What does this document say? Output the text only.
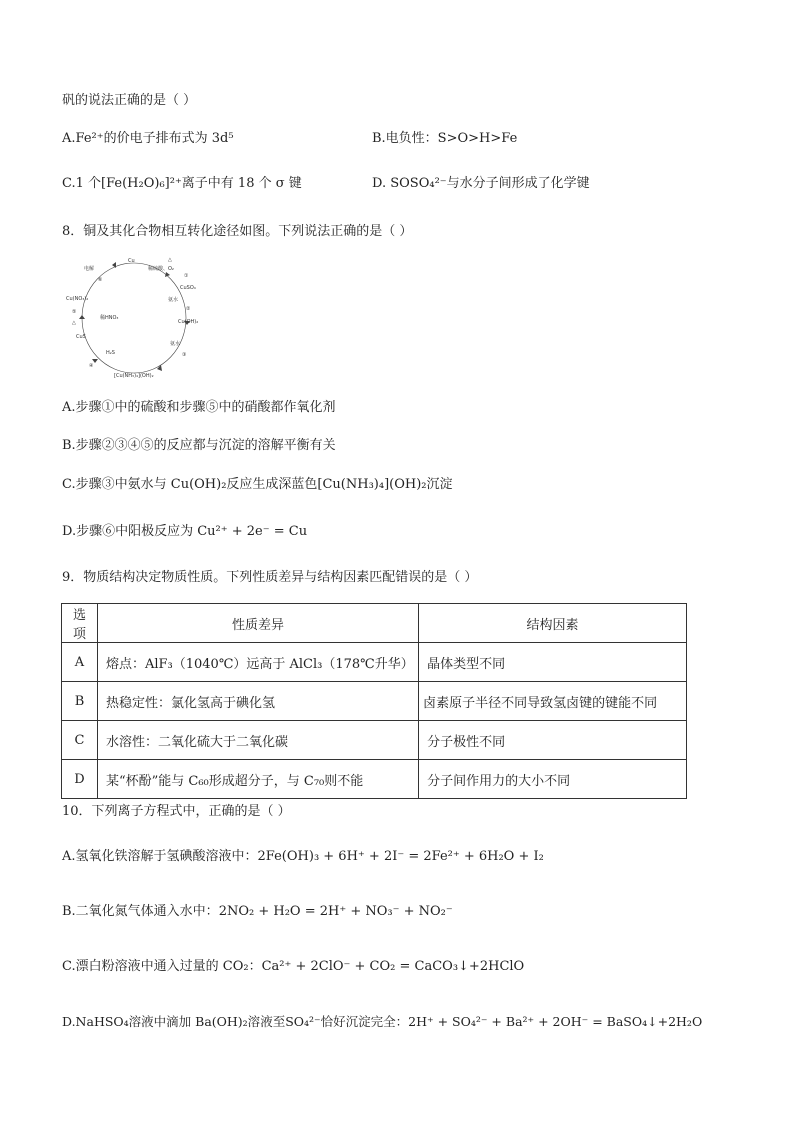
矾的说法正确的是（ ）
A.Fe²⁺的价电子排布式为 3d⁵	B.电负性：S>O>H>Fe
C.1 个[Fe(H₂O)₆]²⁺离子中有 18 个 σ 键	D. SOSO₄²⁻与水分子间形成了化学键
8．铜及其化合物相互转化途径如图。下列说法正确的是（ ）
Cu	△
稀硫酸、O₂
①
CuSO₄
氨水
②
Cu(OH)₂
氨水
③
[Cu(NH₃)₄](OH)₂
④
H₂S
CuS
⑤
△
稀HNO₃
Cu(NO₃)₂
⑥
电解
A.步骤①中的硫酸和步骤⑤中的硝酸都作氧化剂
B.步骤②③④⑤的反应都与沉淀的溶解平衡有关
C.步骤③中氨水与 Cu(OH)₂反应生成深蓝色[Cu(NH₃)₄](OH)₂沉淀
D.步骤⑥中阳极反应为 Cu²⁺ + 2e⁻ = Cu
9．物质结构决定物质性质。下列性质差异与结构因素匹配错误的是（ ）
选项	性质差异	结构因素
A	熔点：AlF₃（1040℃）远高于 AlCl₃（178℃升华）	晶体类型不同
B	热稳定性：氯化氢高于碘化氢	卤素原子半径不同导致氢卤键的键能不同
C	水溶性：二氧化硫大于二氧化碳	分子极性不同
D	某“杯酚”能与 C₆₀形成超分子，与 C₇₀则不能	分子间作用力的大小不同
10．下列离子方程式中，正确的是（ ）
A.氢氧化铁溶解于氢碘酸溶液中：2Fe(OH)₃ + 6H⁺ + 2I⁻ = 2Fe²⁺ + 6H₂O + I₂
B.二氧化氮气体通入水中：2NO₂ + H₂O = 2H⁺ + NO₃⁻ + NO₂⁻
C.漂白粉溶液中通入过量的 CO₂：Ca²⁺ + 2ClO⁻ + CO₂ = CaCO₃↓+2HClO
D.NaHSO₄溶液中滴加 Ba(OH)₂溶液至SO₄²⁻恰好沉淀完全：2H⁺ + SO₄²⁻ + Ba²⁺ + 2OH⁻ = BaSO₄↓+2H₂O
